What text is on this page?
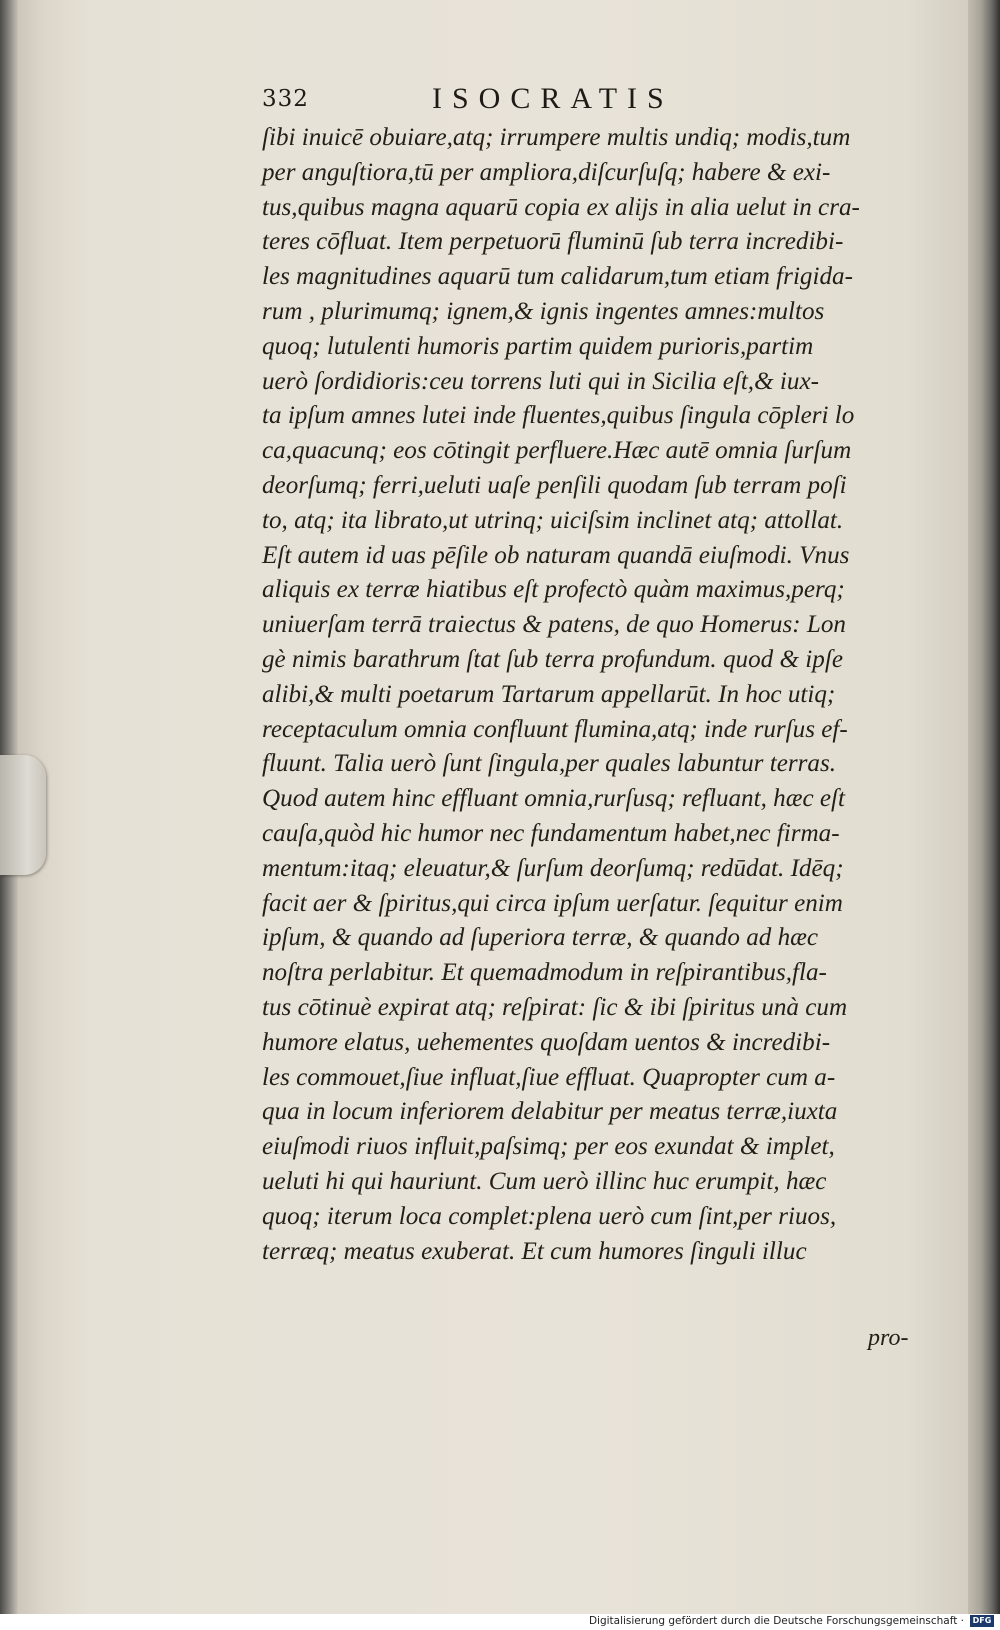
332	ISOCRATIS
ſibi inuicē obuiare,atq; irrumpere multis undiq; modis,tum
per anguſtiora,tū per ampliora,diſcurſuſq; habere & exi-
tus,quibus magna aquarū copia ex alijs in alia uelut in cra-
teres cōfluat. Item perpetuorū fluminū ſub terra incredibi-
les magnitudines aquarū tum calidarum,tum etiam frigida-
rum , plurimumq; ignem,& ignis ingentes amnes:multos
quoq; lutulenti humoris partim quidem purioris,partim
uerò ſordidioris:ceu torrens luti qui in Sicilia eſt,& iux-
ta ipſum amnes lutei inde fluentes,quibus ſingula cōpleri lo
ca,quacunq; eos cōtingit perfluere.Hæc autē omnia ſurſum
deorſumq; ferri,ueluti uaſe penſili quodam ſub terram poſi
to, atq; ita librato,ut utrinq; uiciſsim inclinet atq; attollat.
Eſt autem id uas pēſile ob naturam quandā eiuſmodi. Vnus
aliquis ex terræ hiatibus eſt profectò quàm maximus,perq;
uniuerſam terrā traiectus & patens, de quo Homerus: Lon
gè nimis barathrum ſtat ſub terra profundum. quod & ipſe
alibi,& multi poetarum Tartarum appellarūt. In hoc utiq;
receptaculum omnia confluunt flumina,atq; inde rurſus ef-
fluunt. Talia uerò ſunt ſingula,per quales labuntur terras.
Quod autem hinc effluant omnia,rurſusq; refluant, hæc eſt
cauſa,quòd hic humor nec fundamentum habet,nec firma-
mentum:itaq; eleuatur,& ſurſum deorſumq; redūdat. Idēq;
facit aer & ſpiritus,qui circa ipſum uerſatur. ſequitur enim
ipſum, & quando ad ſuperiora terræ, & quando ad hæc
noſtra perlabitur. Et quemadmodum in reſpirantibus,fla-
tus cōtinuè expirat atq; reſpirat: ſic & ibi ſpiritus unà cum
humore elatus, uehementes quoſdam uentos & incredibi-
les commouet,ſiue influat,ſiue effluat. Quapropter cum a-
qua in locum inferiorem delabitur per meatus terræ,iuxta
eiuſmodi riuos influit,paſsimq; per eos exundat & implet,
ueluti hi qui hauriunt. Cum uerò illinc huc erumpit, hæc
quoq; iterum loca complet:plena uerò cum ſint,per riuos,
terræq; meatus exuberat. Et cum humores ſinguli illuc
pro-
Digitalisierung gefördert durch die Deutsche Forschungsgemeinschaft ·	DFG
